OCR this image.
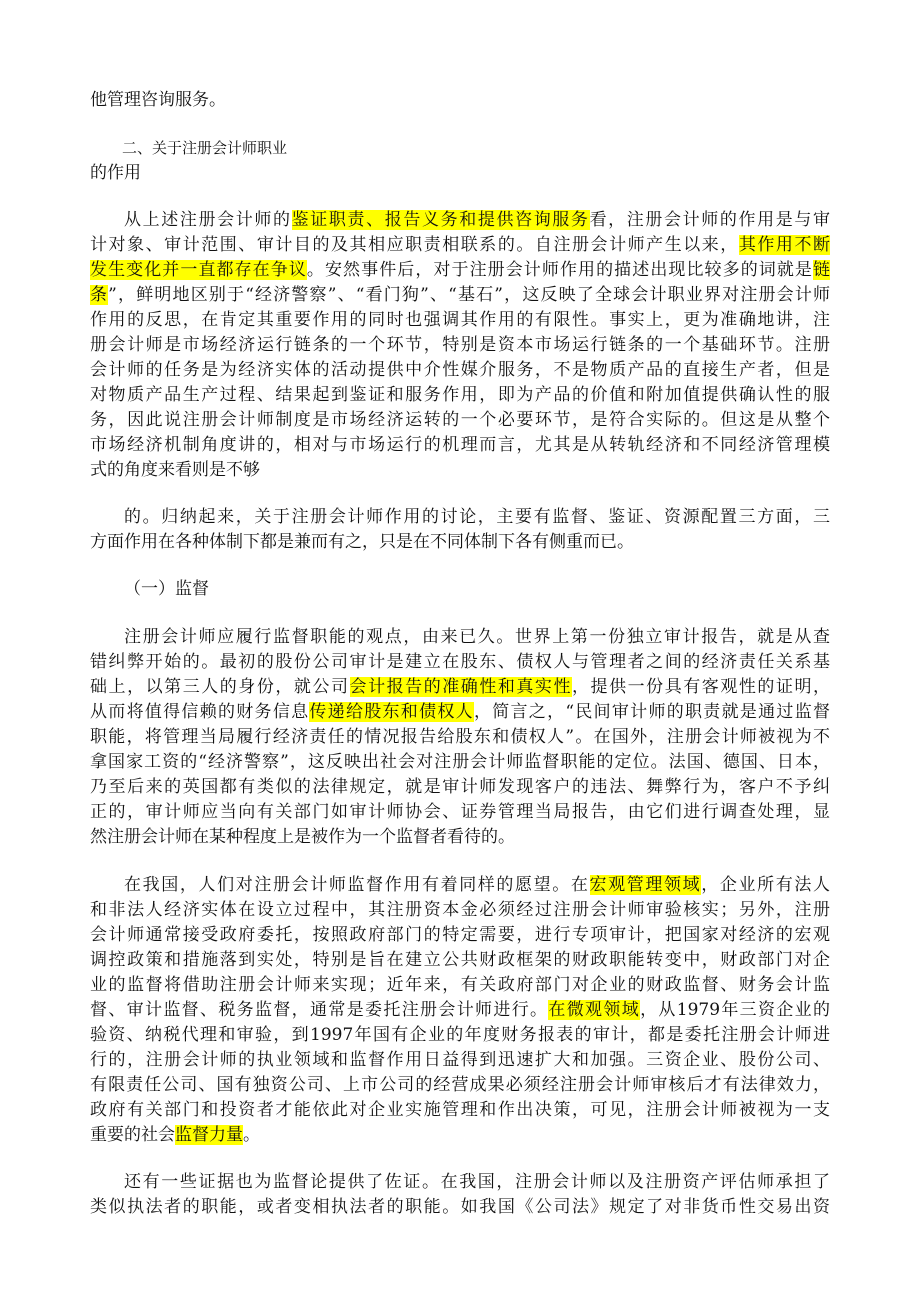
他管理咨询服务。
二、关于注册会计师职业
的作用
从上述注册会计师的鉴证职责、报告义务和提供咨询服务看，注册会计师的作用是与审
计对象、审计范围、审计目的及其相应职责相联系的。自注册会计师产生以来，其作用不断
发生变化并一直都存在争议。安然事件后，对于注册会计师作用的描述出现比较多的词就是链
条”，鲜明地区别于“经济警察”、“看门狗”、“基石”，这反映了全球会计职业界对注册会计师
作用的反思，在肯定其重要作用的同时也强调其作用的有限性。事实上，更为准确地讲，注
册会计师是市场经济运行链条的一个环节，特别是资本市场运行链条的一个基础环节。注册
会计师的任务是为经济实体的活动提供中介性媒介服务，不是物质产品的直接生产者，但是
对物质产品生产过程、结果起到鉴证和服务作用，即为产品的价值和附加值提供确认性的服
务，因此说注册会计师制度是市场经济运转的一个必要环节，是符合实际的。但这是从整个
市场经济机制角度讲的，相对与市场运行的机理而言，尤其是从转轨经济和不同经济管理模
式的角度来看则是不够
的。归纳起来，关于注册会计师作用的讨论，主要有监督、鉴证、资源配置三方面，三
方面作用在各种体制下都是兼而有之，只是在不同体制下各有侧重而已。
（一）监督
注册会计师应履行监督职能的观点，由来已久。世界上第一份独立审计报告，就是从查
错纠弊开始的。最初的股份公司审计是建立在股东、债权人与管理者之间的经济责任关系基
础上，以第三人的身份，就公司会计报告的准确性和真实性，提供一份具有客观性的证明，
从而将值得信赖的财务信息传递给股东和债权人，简言之，“民间审计师的职责就是通过监督
职能，将管理当局履行经济责任的情况报告给股东和债权人”。在国外，注册会计师被视为不
拿国家工资的“经济警察”，这反映出社会对注册会计师监督职能的定位。法国、德国、日本，
乃至后来的英国都有类似的法律规定，就是审计师发现客户的违法、舞弊行为，客户不予纠
正的，审计师应当向有关部门如审计师协会、证券管理当局报告，由它们进行调查处理，显
然注册会计师在某种程度上是被作为一个监督者看待的。
在我国，人们对注册会计师监督作用有着同样的愿望。在宏观管理领域，企业所有法人
和非法人经济实体在设立过程中，其注册资本金必须经过注册会计师审验核实；另外，注册
会计师通常接受政府委托，按照政府部门的特定需要，进行专项审计，把国家对经济的宏观
调控政策和措施落到实处，特别是旨在建立公共财政框架的财政职能转变中，财政部门对企
业的监督将借助注册会计师来实现；近年来，有关政府部门对企业的财政监督、财务会计监
督、审计监督、税务监督，通常是委托注册会计师进行。在微观领域，从1979年三资企业的
验资、纳税代理和审验，到1997年国有企业的年度财务报表的审计，都是委托注册会计师进
行的，注册会计师的执业领域和监督作用日益得到迅速扩大和加强。三资企业、股份公司、
有限责任公司、国有独资公司、上市公司的经营成果必须经注册会计师审核后才有法律效力，
政府有关部门和投资者才能依此对企业实施管理和作出决策，可见，注册会计师被视为一支
重要的社会监督力量。
还有一些证据也为监督论提供了佐证。在我国，注册会计师以及注册资产评估师承担了
类似执法者的职能，或者变相执法者的职能。如我国《公司法》规定了对非货币性交易出资
